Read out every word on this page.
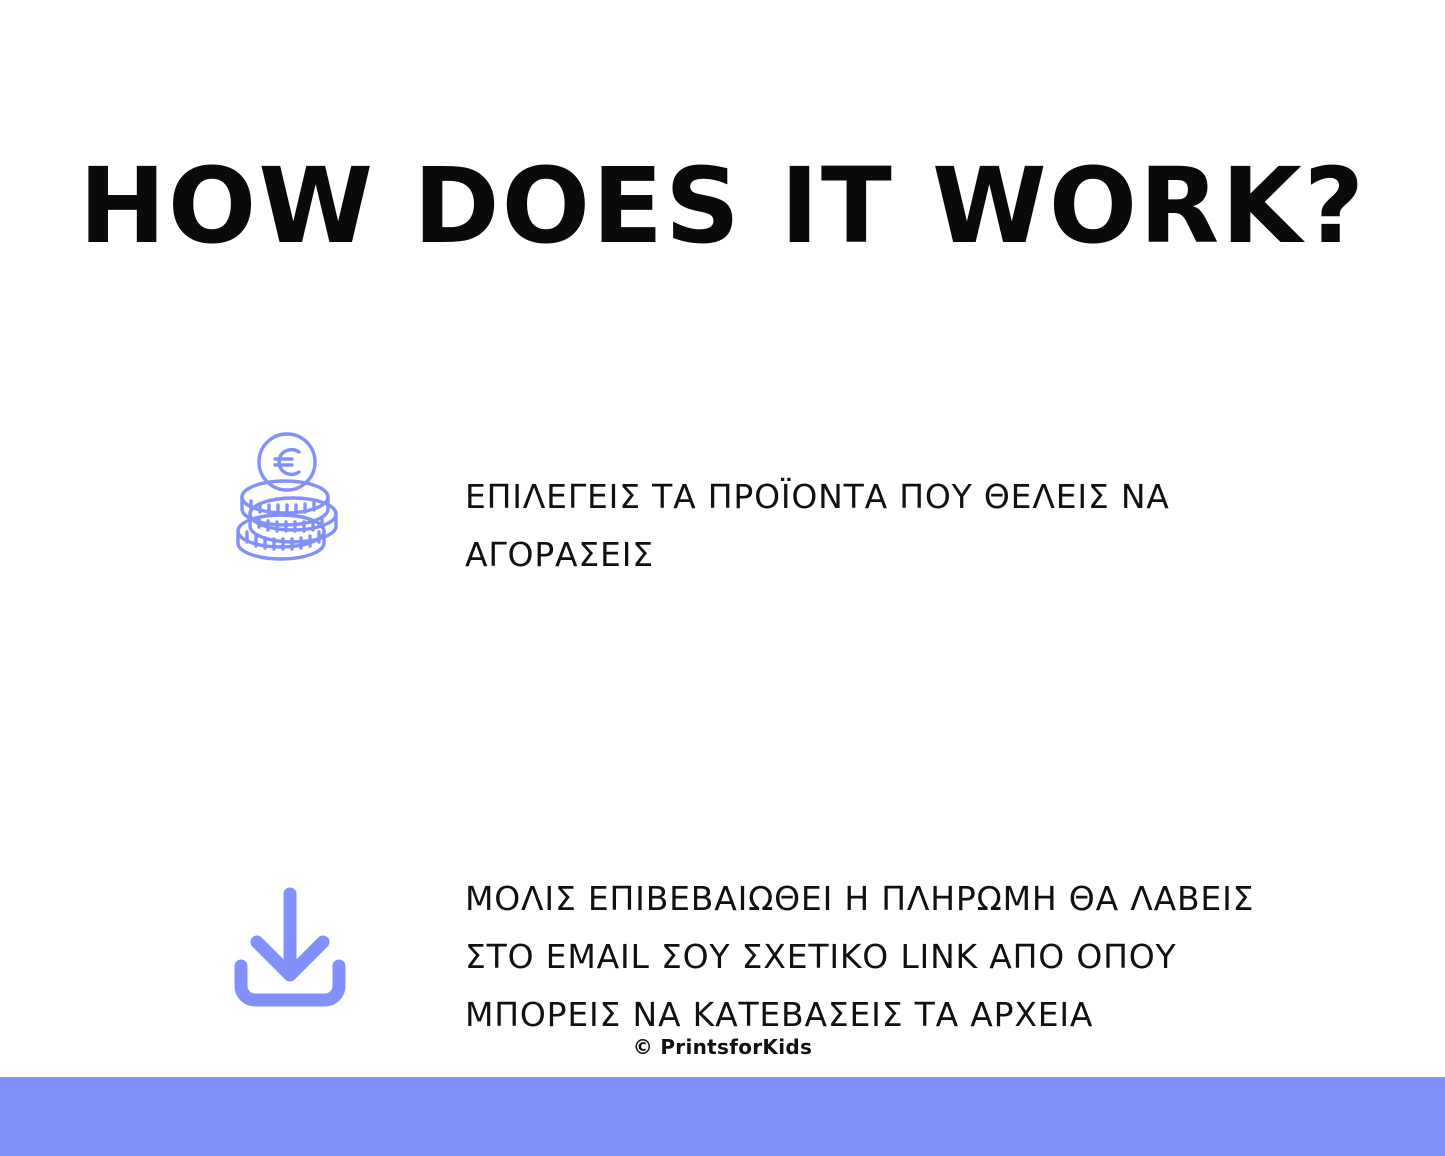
HOW DOES IT WORK?
ΕΠΙΛΕΓΕΙΣ ΤΑ ΠΡΟΪΟΝΤΑ ΠΟΥ ΘΕΛΕΙΣ ΝΑ ΑΓΟΡΑΣΕΙΣ
ΜΟΛΙΣ ΕΠΙΒΕΒΑΙΩΘΕΙ Η ΠΛΗΡΩΜΗ ΘΑ ΛΑΒΕΙΣ ΣΤΟ EMAIL ΣΟΥ ΣΧΕΤΙΚΟ LINK ΑΠΟ ΟΠΟΥ ΜΠΟΡΕΙΣ ΝΑ ΚΑΤΕΒΑΣΕΙΣ ΤΑ ΑΡΧΕΙΑ
© PrintsforKids
